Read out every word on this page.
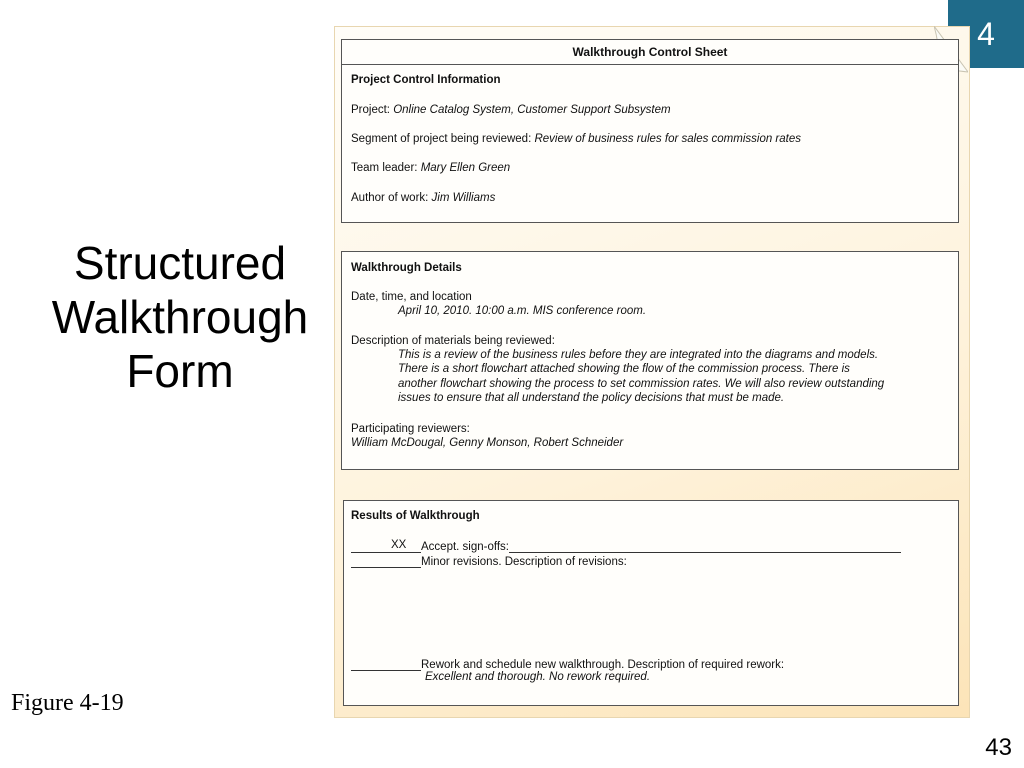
4
Structured
Walkthrough
Form
Figure 4-19
43
Walkthrough Control Sheet
Project Control Information
Project: Online Catalog System, Customer Support Subsystem
Segment of project being reviewed: Review of business rules for sales commission rates
Team leader: Mary Ellen Green
Author of work: Jim Williams
Walkthrough Details
Date, time, and location
April 10, 2010. 10:00 a.m. MIS conference room.
Description of materials being reviewed:
This is a review of the business rules before they are integrated into the diagrams and models.
There is a short flowchart attached showing the flow of the commission process. There is
another flowchart showing the process to set commission rates. We will also review outstanding
issues to ensure that all understand the policy decisions that must be made.
Participating reviewers:
William McDougal, Genny Monson, Robert Schneider
Results of Walkthrough
XX Accept. sign-offs:
Minor revisions. Description of revisions:
Rework and schedule new walkthrough. Description of required rework:
Excellent and thorough. No rework required.
